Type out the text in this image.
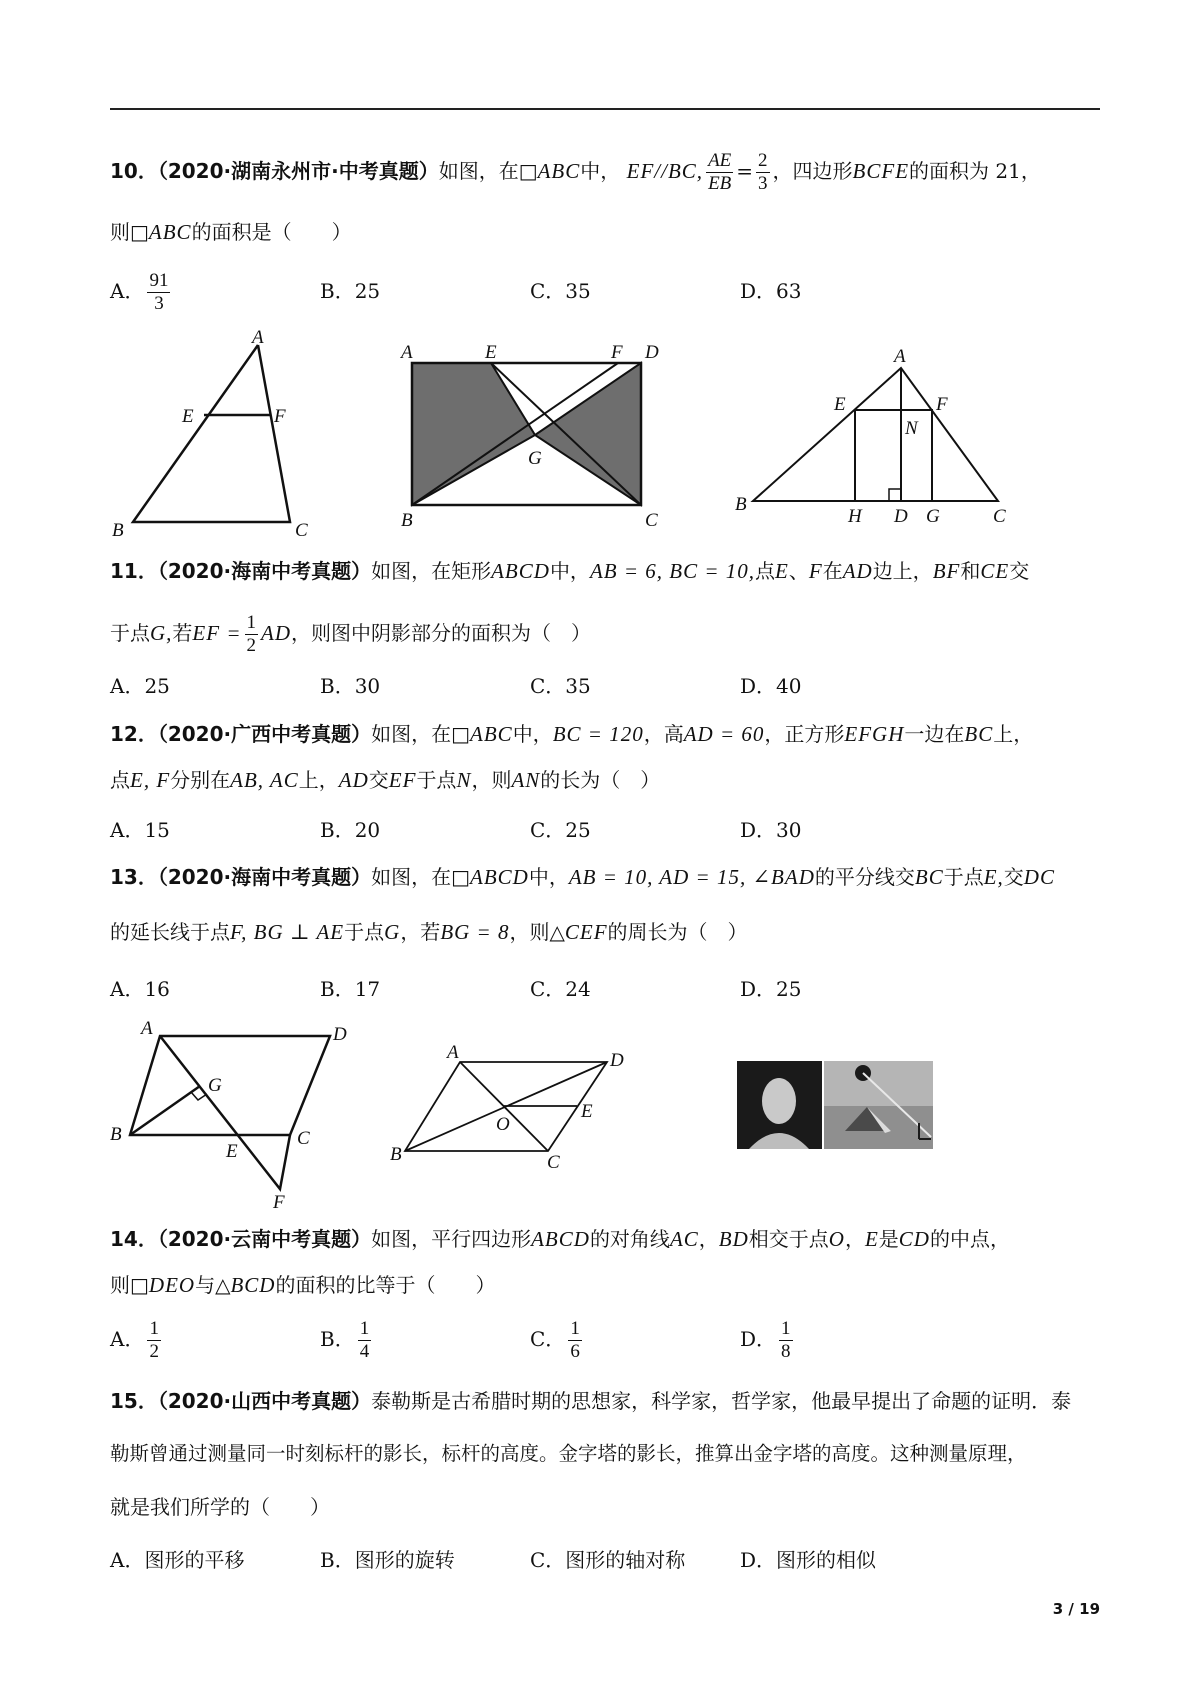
10．（2020·湖南永州市·中考真题）如图，在□ABC中， EF//BC, $\frac{AE}{EB} = \frac{2}{3}$ ，四边形BCFE的面积为 21，
则□ABC的面积是（　　）
A． $\frac{91}{3}$	B．25	C．35	D．63
A
E	F
B	C
A	E	F D
G
B	C
A
E	F
N
B
H D G	C
11．（2020·海南中考真题）如图，在矩形ABCD中，AB = 6, BC = 10,点E、F在AD边上，BF和CE交
于点G,若EF = $\frac{1}{2}$ AD，则图中阴影部分的面积为（　）
A．25	B．30	C．35	D．40
12．（2020·广西中考真题）如图，在□ABC中，BC = 120，高AD = 60，正方形EFGH一边在BC上，
点E, F分别在AB, AC上，AD交EF于点N，则AN的长为（　）
A．15	B．20	C．25	D．30
13．（2020·海南中考真题）如图，在□ABCD中，AB = 10, AD = 15, ∠BAD的平分线交BC于点E,交DC
的延长线于点F, BG ⊥ AE于点G，若BG = 8，则△CEF的周长为（　）
A．16	B．17	C．24	D．25
A	D
G
B
E
C
F
A	D
O
E
B	C
14．（2020·云南中考真题）如图，平行四边形ABCD的对角线AC，BD相交于点O，E是CD的中点，
则□DEO与△BCD的面积的比等于（　　）
A． $\frac{1}{2}$	B． $\frac{1}{4}$	C． $\frac{1}{6}$	D． $\frac{1}{8}$
15．（2020·山西中考真题）泰勒斯是古希腊时期的思想家，科学家，哲学家，他最早提出了命题的证明．泰
勒斯曾通过测量同一时刻标杆的影长，标杆的高度。金字塔的影长，推算出金字塔的高度。这种测量原理，
就是我们所学的（　　）
A．图形的平移	B．图形的旋转	C．图形的轴对称	D．图形的相似
3 / 19
